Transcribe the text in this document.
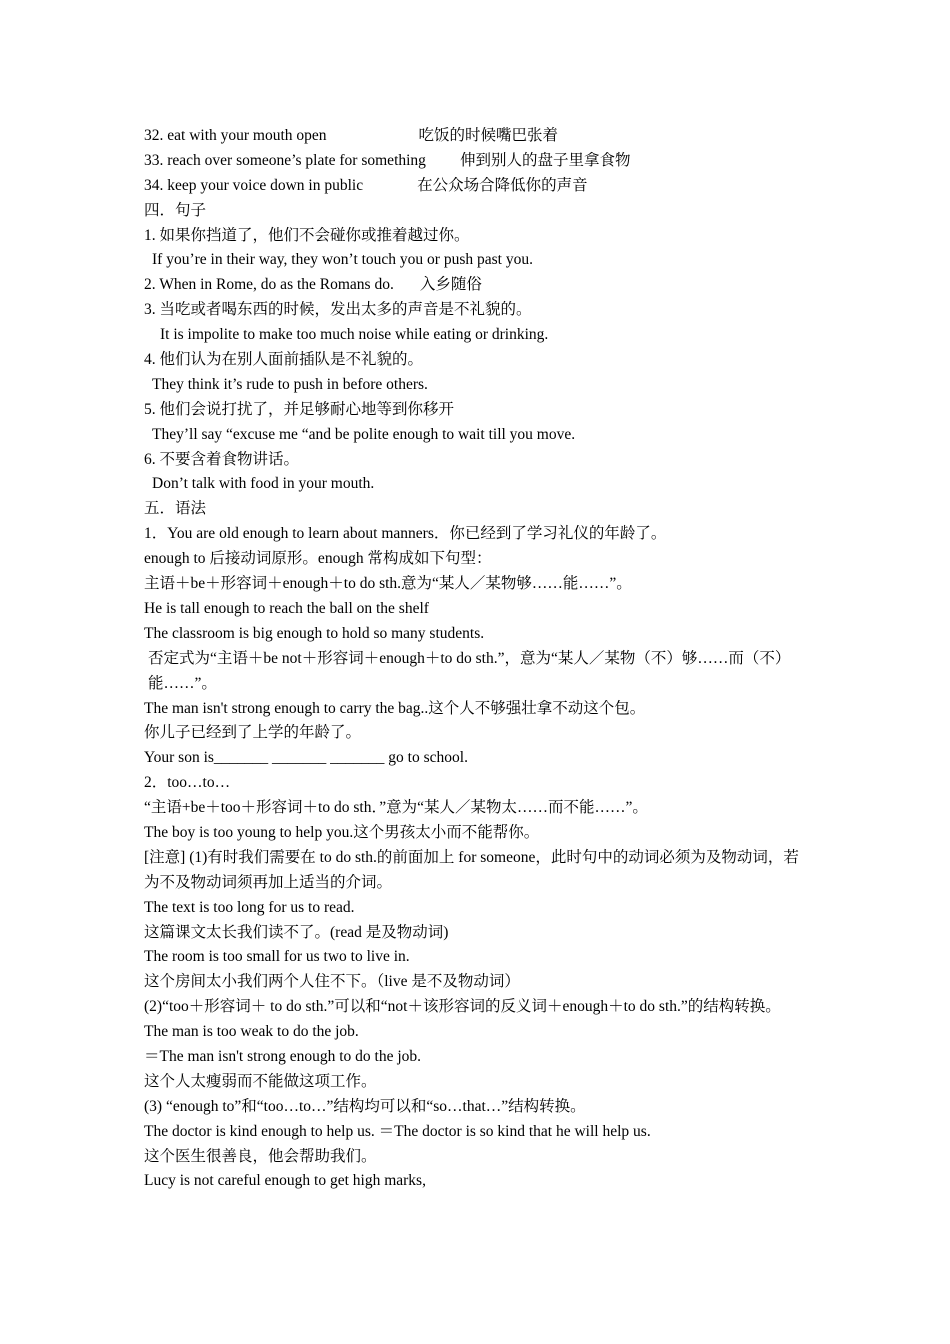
32. eat with your mouth open	吃饭的时候嘴巴张着
33. reach over someone’s plate for something 伸到别人的盘子里拿食物
34. keep your voice down in public	在公众场合降低你的声音
四．句子
1. 如果你挡道了，他们不会碰你或推着越过你。
If you’re in their way, they won’t touch you or push past you.
2. When in Rome, do as the Romans do. 入乡随俗
3. 当吃或者喝东西的时候，发出太多的声音是不礼貌的。
It is impolite to make too much noise while eating or drinking.
4. 他们认为在别人面前插队是不礼貌的。
They think it’s rude to push in before others.
5. 他们会说打扰了，并足够耐心地等到你移开
They’ll say “excuse me “and be polite enough to wait till you move.
6. 不要含着食物讲话。
Don’t talk with food in your mouth.
五．语法
1．You are old enough to learn about manners．你已经到了学习礼仪的年龄了。
enough to 后接动词原形。enough 常构成如下句型：
主语＋be＋形容词＋enough＋to do sth.意为“某人／某物够……能……”。
He is tall enough to reach the ball on the shelf
The classroom is big enough to hold so many students.
否定式为“主语＋be not＋形容词＋enough＋to do sth.”，意为“某人／某物（不）够……而（不）能……”。
The man isn't strong enough to carry the bag..这个人不够强壮拿不动这个包。
你儿子已经到了上学的年龄了。
Your son is_______ _______ _______ go to school.
2．too…to…
“主语+be＋too＋形容词＋to do sth．”意为“某人／某物太……而不能……”。
The boy is too young to help you.这个男孩太小而不能帮你。
[注意] (1)有时我们需要在 to do sth.的前面加上 for someone，此时句中的动词必须为及物动词，若为不及物动词须再加上适当的介词。
The text is too long for us to read.
这篇课文太长我们读不了。(read 是及物动词)
The room is too small for us two to live in.
这个房间太小我们两个人住不下。（live 是不及物动词）
(2)“too＋形容词＋ to do sth.”可以和“not＋该形容词的反义词＋enough＋to do sth.”的结构转换。
The man is too weak to do the job.
＝The man isn't strong enough to do the job.
这个人太瘦弱而不能做这项工作。
(3) “enough to”和“too…to…”结构均可以和“so…that…”结构转换。
The doctor is kind enough to help us. ＝The doctor is so kind that he will help us.
这个医生很善良，他会帮助我们。
Lucy is not careful enough to get high marks,
